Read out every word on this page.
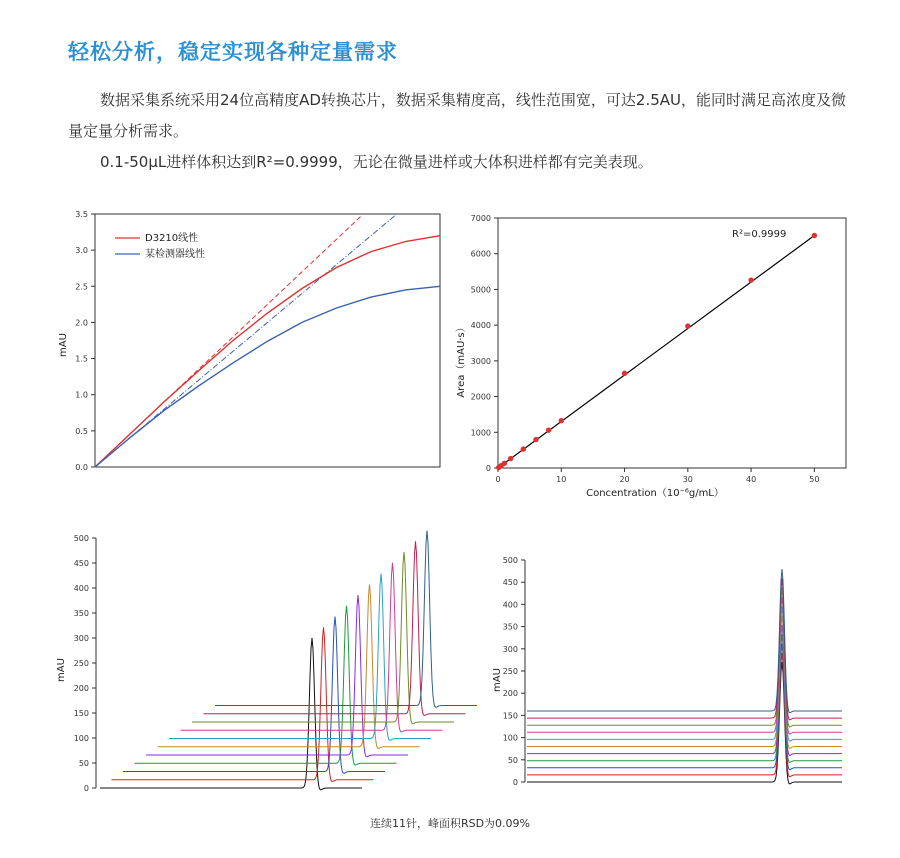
轻松分析，稳定实现各种定量需求

数据采集系统采用24位高精度AD转换芯片，数据采集精度高，线性范围宽，可达2.5AU，能同时满足高浓度及微量定量分析需求。

0.1-50μL进样体积达到R²=0.9999，无论在微量进样或大体积进样都有完美表现。

mAU
0.0
0.5
1.0
1.5
2.0
2.5
3.0
3.5
D3210线性
某检测器线性
Area（mAU·s）
Concentration（10⁻⁶g/mL）
R²=0.9999
0
1000
2000
3000
4000
5000
6000
7000
0	10	20	30	40	50
mAU
0
50
100
150
200
250
300
350
400
450
500
mAU
0
50
100
150
200
250
300
350
400
450
500

连续11针，峰面积RSD为0.09%
